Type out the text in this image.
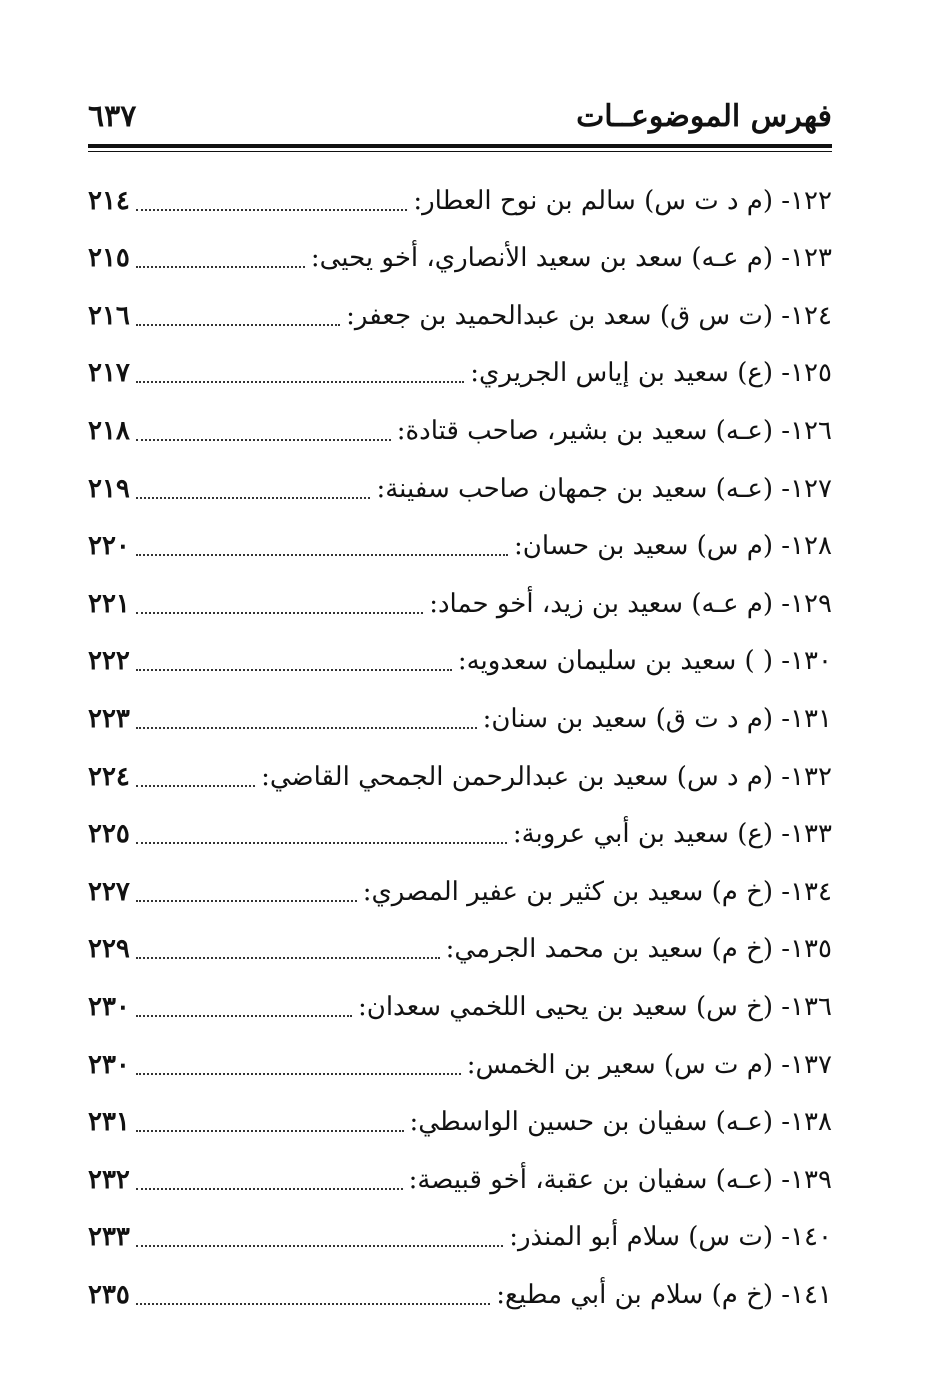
فهرس الموضوعــات
٦٣٧
١٢٢- (م د ت س) سالم بن نوح العطار:
٢١٤
١٢٣- (م عـه) سعد بن سعيد الأنصاري، أخو يحيى:
٢١٥
١٢٤- (ت س ق) سعد بن عبدالحميد بن جعفر:
٢١٦
١٢٥- (ع) سعيد بن إياس الجريري:
٢١٧
١٢٦- (عـه) سعيد بن بشير، صاحب قتادة:
٢١٨
١٢٧- (عـه) سعيد بن جمهان صاحب سفينة:
٢١٩
١٢٨- (م س) سعيد بن حسان:
٢٢٠
١٢٩- (م عـه) سعيد بن زيد، أخو حماد:
٢٢١
١٣٠- ( ) سعيد بن سليمان سعدويه:
٢٢٢
١٣١- (م د ت ق) سعيد بن سنان:
٢٢٣
١٣٢- (م د س) سعيد بن عبدالرحمن الجمحي القاضي:
٢٢٤
١٣٣- (ع) سعيد بن أبي عروبة:
٢٢٥
١٣٤- (خ م) سعيد بن كثير بن عفير المصري:
٢٢٧
١٣٥- (خ م) سعيد بن محمد الجرمي:
٢٢٩
١٣٦- (خ س) سعيد بن يحيى اللخمي سعدان:
٢٣٠
١٣٧- (م ت س) سعير بن الخمس:
٢٣٠
١٣٨- (عـه) سفيان بن حسين الواسطي:
٢٣١
١٣٩- (عـه) سفيان بن عقبة، أخو قبيصة:
٢٣٢
١٤٠- (ت س) سلام أبو المنذر:
٢٣٣
١٤١- (خ م) سلام بن أبي مطيع:
٢٣٥
